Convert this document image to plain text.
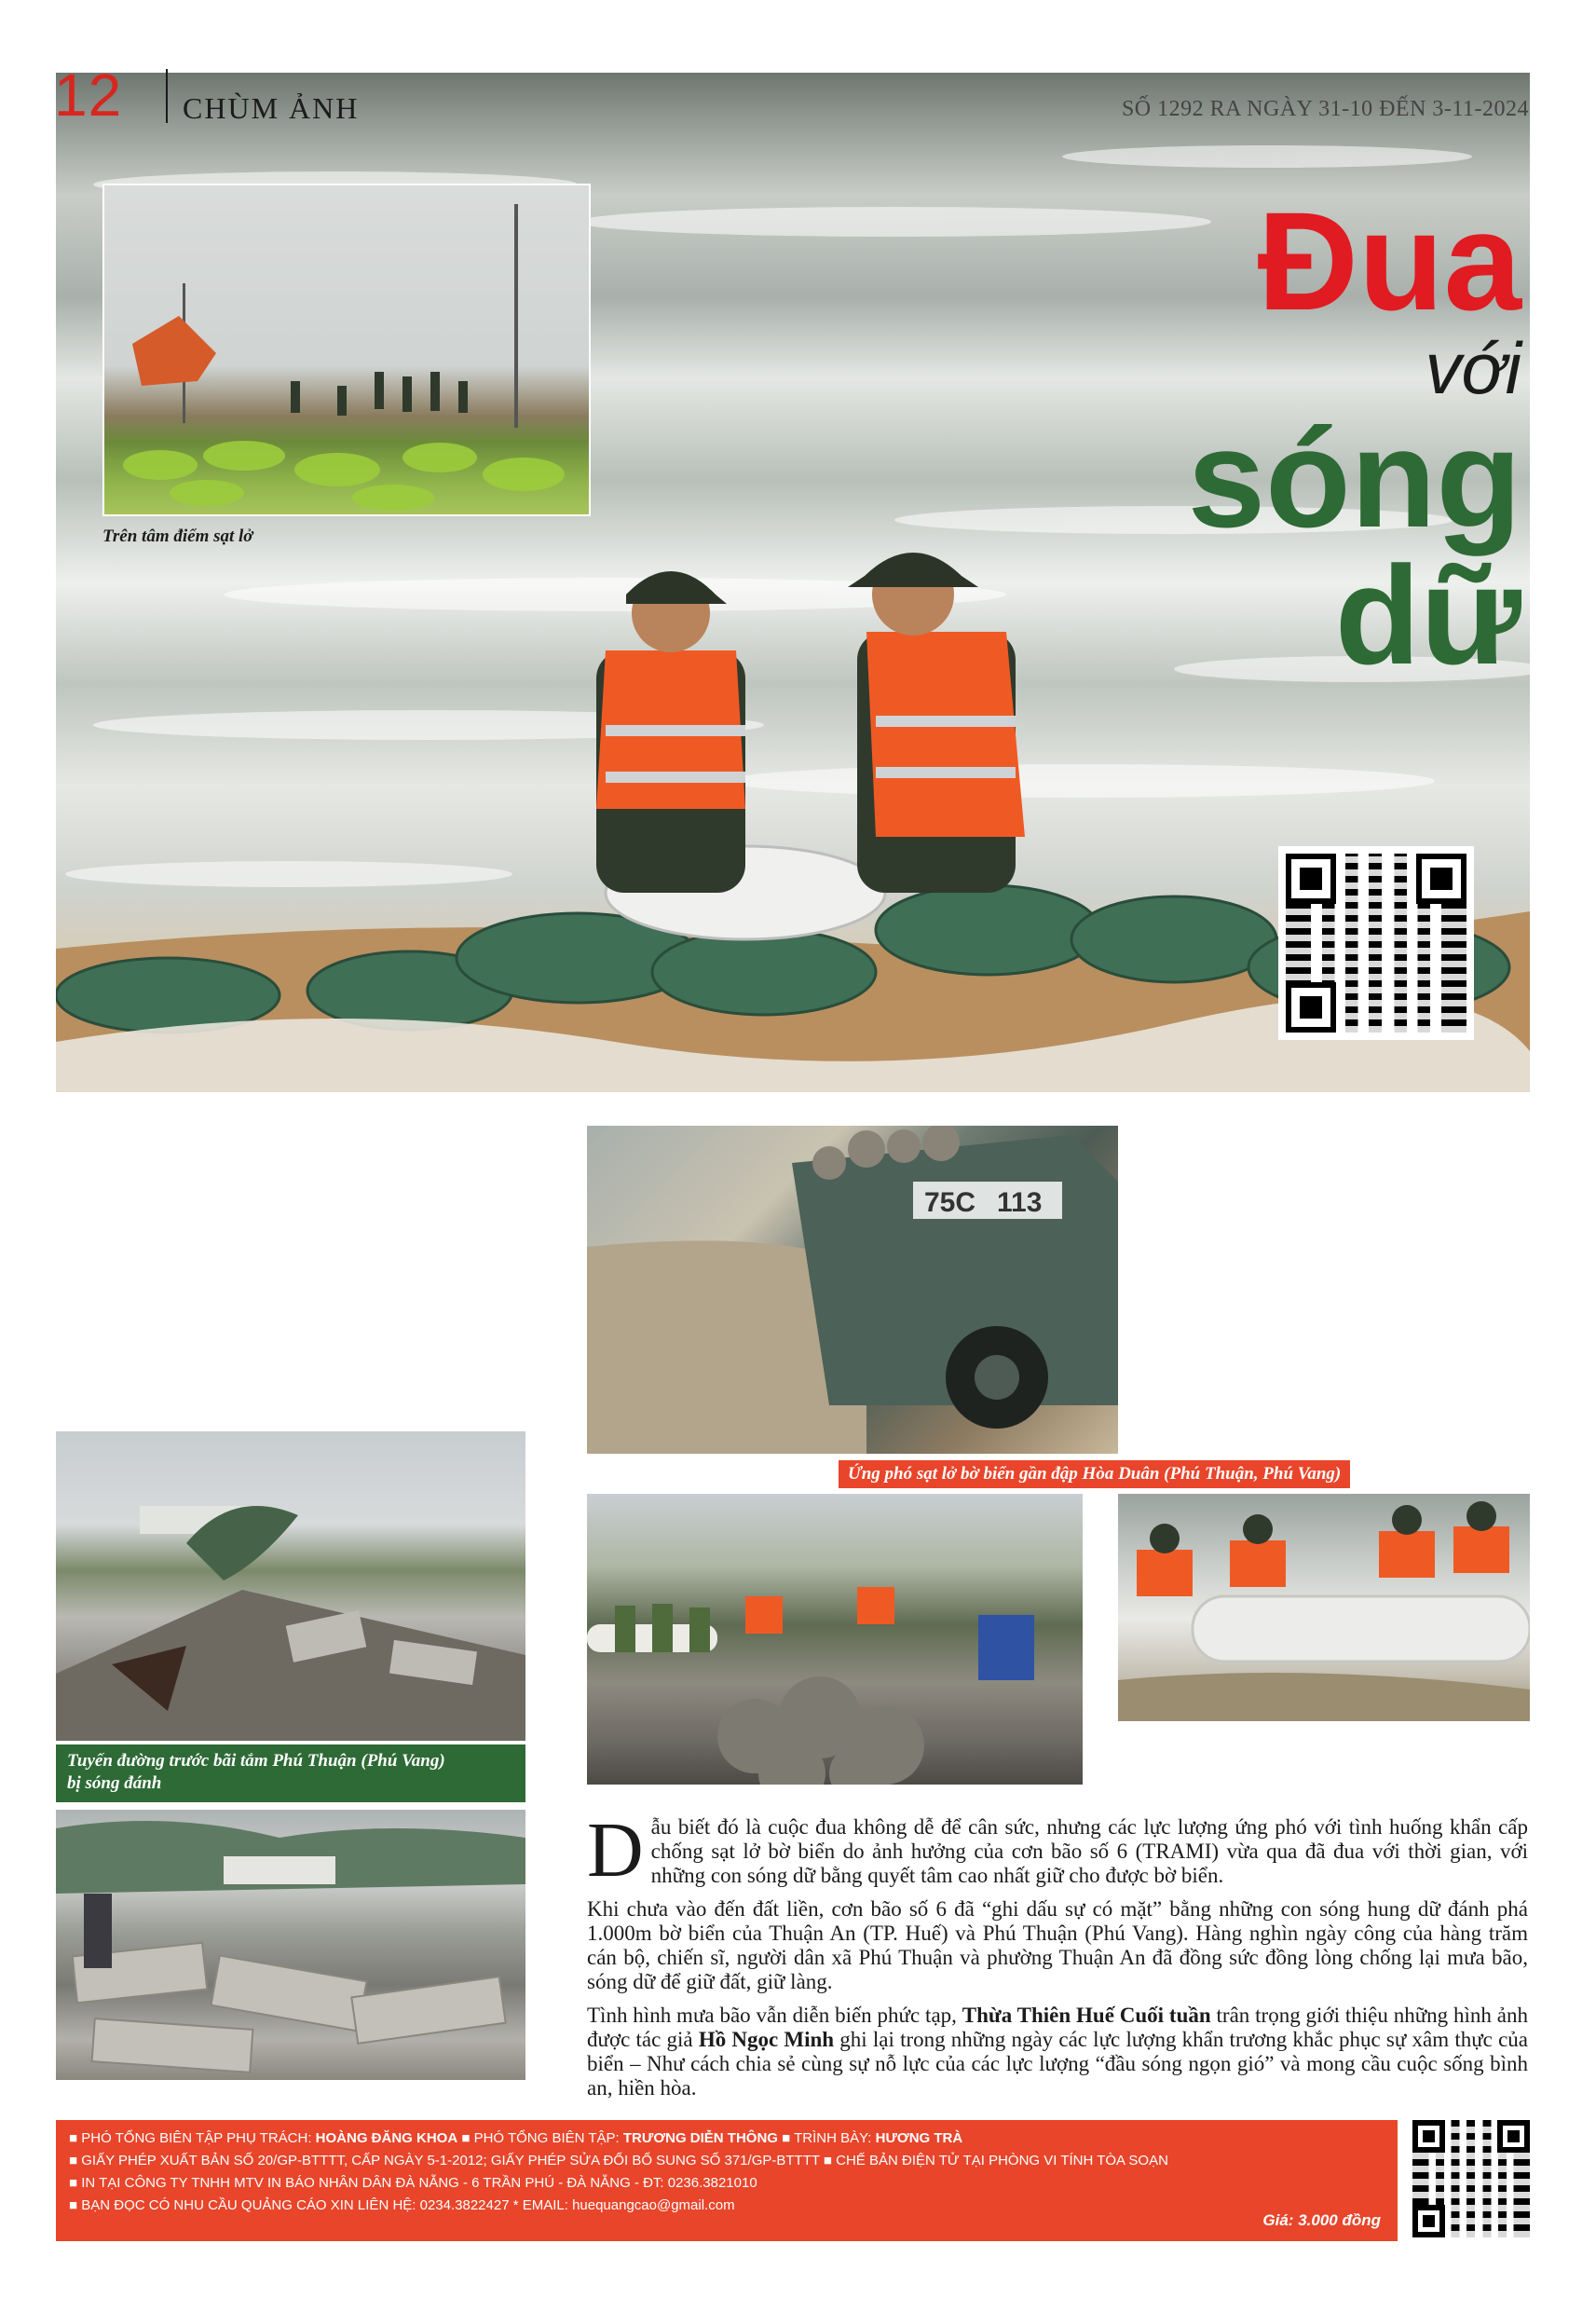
12 CHÙM ẢNH	SỐ 1292 RA NGÀY 31-10 ĐẾN 3-11-2024
Trên tâm điểm sạt lở
Đua
với
sóng
dữ
75C 113
Ứng phó sạt lở bờ biển gần đập Hòa Duân (Phú Thuận, Phú Vang)
Tuyến đường trước bãi tắm Phú Thuận (Phú Vang)
bị sóng đánh

Dẫu biết đó là cuộc đua không dễ để cân sức, nhưng các lực lượng ứng phó với tình huống khẩn cấp chống sạt lở bờ biển do ảnh hưởng của cơn bão số 6 (TRAMI) vừa qua đã đua với thời gian, với những con sóng dữ bằng quyết tâm cao nhất giữ cho được bờ biển.

Khi chưa vào đến đất liền, cơn bão số 6 đã “ghi dấu sự có mặt” bằng những con sóng hung dữ đánh phá 1.000m bờ biển của Thuận An (TP. Huế) và Phú Thuận (Phú Vang). Hàng nghìn ngày công của hàng trăm cán bộ, chiến sĩ, người dân xã Phú Thuận và phường Thuận An đã đồng sức đồng lòng chống lại mưa bão, sóng dữ để giữ đất, giữ làng.

Tình hình mưa bão vẫn diễn biến phức tạp, Thừa Thiên Huế Cuối tuần trân trọng giới thiệu những hình ảnh được tác giả Hồ Ngọc Minh ghi lại trong những ngày các lực lượng khẩn trương khắc phục sự xâm thực của biển – Như cách chia sẻ cùng sự nỗ lực của các lực lượng “đầu sóng ngọn gió” và mong cầu cuộc sống bình an, hiền hòa.

■ PHÓ TỔNG BIÊN TẬP PHỤ TRÁCH: HOÀNG ĐĂNG KHOA ■ PHÓ TỔNG BIÊN TẬP: TRƯƠNG DIỄN THÔNG ■ TRÌNH BÀY: HƯƠNG TRÀ
■ GIẤY PHÉP XUẤT BẢN SỐ 20/GP-BTTTT, CẤP NGÀY 5-1-2012; GIẤY PHÉP SỬA ĐỔI BỔ SUNG SỐ 371/GP-BTTTT ■ CHẾ BẢN ĐIỆN TỬ TẠI PHÒNG VI TÍNH TÒA SOẠN
■ IN TẠI CÔNG TY TNHH MTV IN BÁO NHÂN DÂN ĐÀ NẴNG - 6 TRẦN PHÚ - ĐÀ NẴNG - ĐT: 0236.3821010
■ BẠN ĐỌC CÓ NHU CẦU QUẢNG CÁO XIN LIÊN HỆ: 0234.3822427 * EMAIL: huequangcao@gmail.com
Giá: 3.000 đồng
